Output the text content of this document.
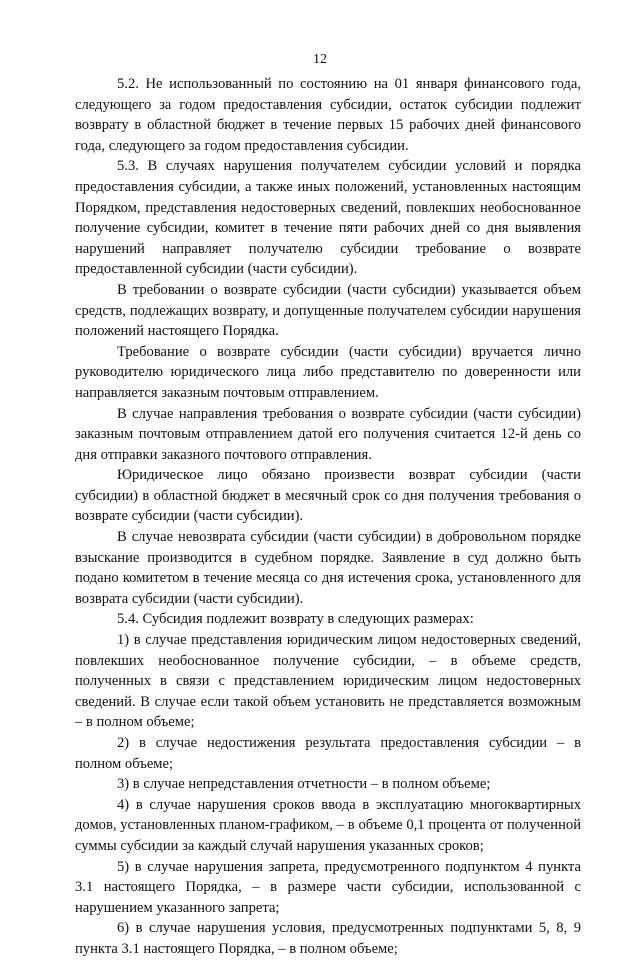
12

5.2. Не использованный по состоянию на 01 января финансового года, следующего за годом предоставления субсидии, остаток субсидии подлежит возврату в областной бюджет в течение первых 15 рабочих дней финансового года, следующего за годом предоставления субсидии.

5.3. В случаях нарушения получателем субсидии условий и порядка предоставления субсидии, а также иных положений, установленных настоящим Порядком, представления недостоверных сведений, повлекших необоснованное получение субсидии, комитет в течение пяти рабочих дней со дня выявления нарушений направляет получателю субсидии требование о возврате предоставленной субсидии (части субсидии).

В требовании о возврате субсидии (части субсидии) указывается объем средств, подлежащих возврату, и допущенные получателем субсидии нарушения положений настоящего Порядка.

Требование о возврате субсидии (части субсидии) вручается лично руководителю юридического лица либо представителю по доверенности или направляется заказным почтовым отправлением.

В случае направления требования о возврате субсидии (части субсидии) заказным почтовым отправлением датой его получения считается 12-й день со дня отправки заказного почтового отправления.

Юридическое лицо обязано произвести возврат субсидии (части субсидии) в областной бюджет в месячный срок со дня получения требования о возврате субсидии (части субсидии).

В случае невозврата субсидии (части субсидии) в добровольном порядке взыскание производится в судебном порядке. Заявление в суд должно быть подано комитетом в течение месяца со дня истечения срока, установленного для возврата субсидии (части субсидии).

5.4. Субсидия подлежит возврату в следующих размерах:

1) в случае представления юридическим лицом недостоверных сведений, повлекших необоснованное получение субсидии, – в объеме средств, полученных в связи с представлением юридическим лицом недостоверных сведений. В случае если такой объем установить не представляется возможным – в полном объеме;

2) в случае недостижения результата предоставления субсидии – в полном объеме;

3) в случае непредставления отчетности – в полном объеме;

4) в случае нарушения сроков ввода в эксплуатацию многоквартирных домов, установленных планом-графиком, – в объеме 0,1 процента от полученной суммы субсидии за каждый случай нарушения указанных сроков;

5) в случае нарушения запрета, предусмотренного подпунктом 4 пункта 3.1 настоящего Порядка, – в размере части субсидии, использованной с нарушением указанного запрета;

6) в случае нарушения условия, предусмотренных подпунктами 5, 8, 9 пункта 3.1 настоящего Порядка, – в полном объеме;
